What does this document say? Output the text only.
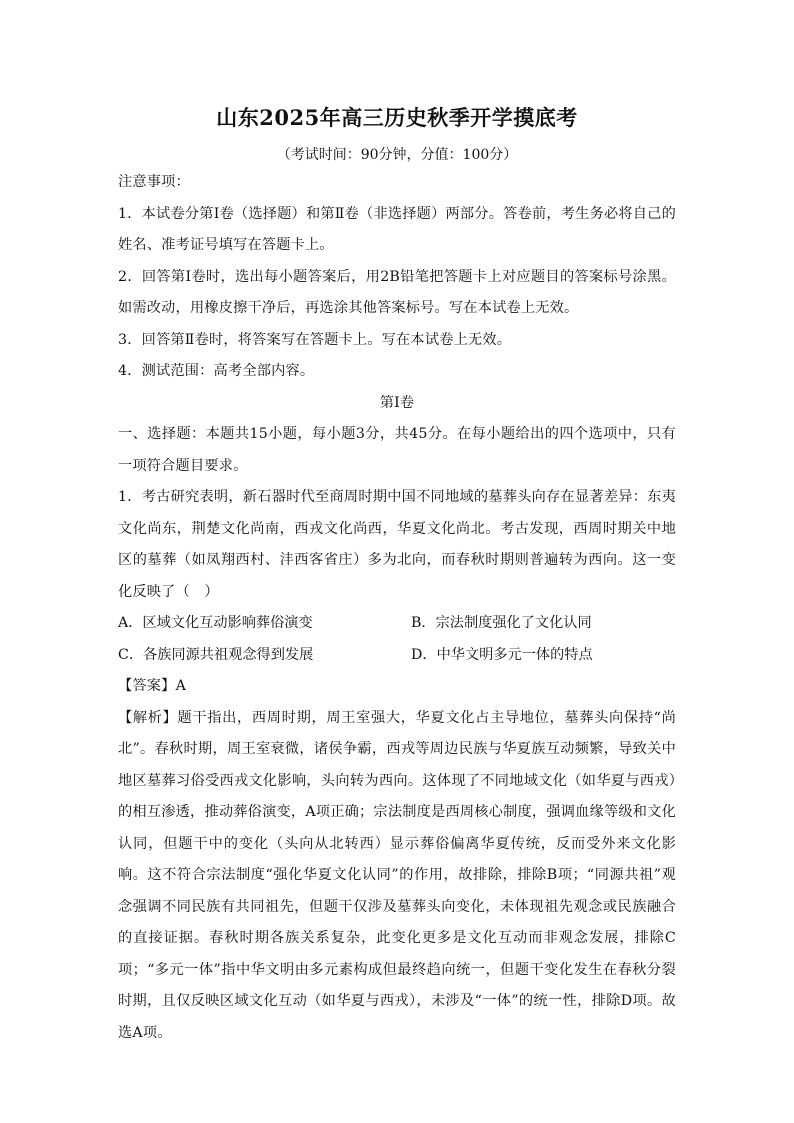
山东2025年高三历史秋季开学摸底考

（考试时间：90分钟，分值：100分）

注意事项：

1．本试卷分第Ⅰ卷（选择题）和第Ⅱ卷（非选择题）两部分。答卷前，考生务必将自己的姓名、准考证号填写在答题卡上。

2．回答第Ⅰ卷时，选出每小题答案后，用2B铅笔把答题卡上对应题目的答案标号涂黑。如需改动，用橡皮擦干净后，再选涂其他答案标号。写在本试卷上无效。

3．回答第Ⅱ卷时，将答案写在答题卡上。写在本试卷上无效。

4．测试范围：高考全部内容。

第Ⅰ卷

一、选择题：本题共15小题，每小题3分，共45分。在每小题给出的四个选项中，只有一项符合题目要求。

1．考古研究表明，新石器时代至商周时期中国不同地域的墓葬头向存在显著差异：东夷文化尚东，荆楚文化尚南，西戎文化尚西，华夏文化尚北。考古发现，西周时期关中地区的墓葬（如凤翔西村、沣西客省庄）多为北向，而春秋时期则普遍转为西向。这一变化反映了（　）

A．区域文化互动影响葬俗演变	B．宗法制度强化了文化认同
C．各族同源共祖观念得到发展	D．中华文明多元一体的特点

【答案】A

【解析】题干指出，西周时期，周王室强大，华夏文化占主导地位，墓葬头向保持“尚北”。春秋时期，周王室衰微，诸侯争霸，西戎等周边民族与华夏族互动频繁，导致关中地区墓葬习俗受西戎文化影响，头向转为西向。这体现了不同地域文化（如华夏与西戎）的相互渗透，推动葬俗演变，A项正确；宗法制度是西周核心制度，强调血缘等级和文化认同，但题干中的变化（头向从北转西）显示葬俗偏离华夏传统，反而受外来文化影响。这不符合宗法制度“强化华夏文化认同”的作用，故排除，排除B项；“同源共祖”观念强调不同民族有共同祖先，但题干仅涉及墓葬头向变化，未体现祖先观念或民族融合的直接证据。春秋时期各族关系复杂，此变化更多是文化互动而非观念发展，排除C项；“多元一体”指中华文明由多元素构成但最终趋向统一，但题干变化发生在春秋分裂时期，且仅反映区域文化互动（如华夏与西戎），未涉及“一体”的统一性，排除D项。故选A项。
